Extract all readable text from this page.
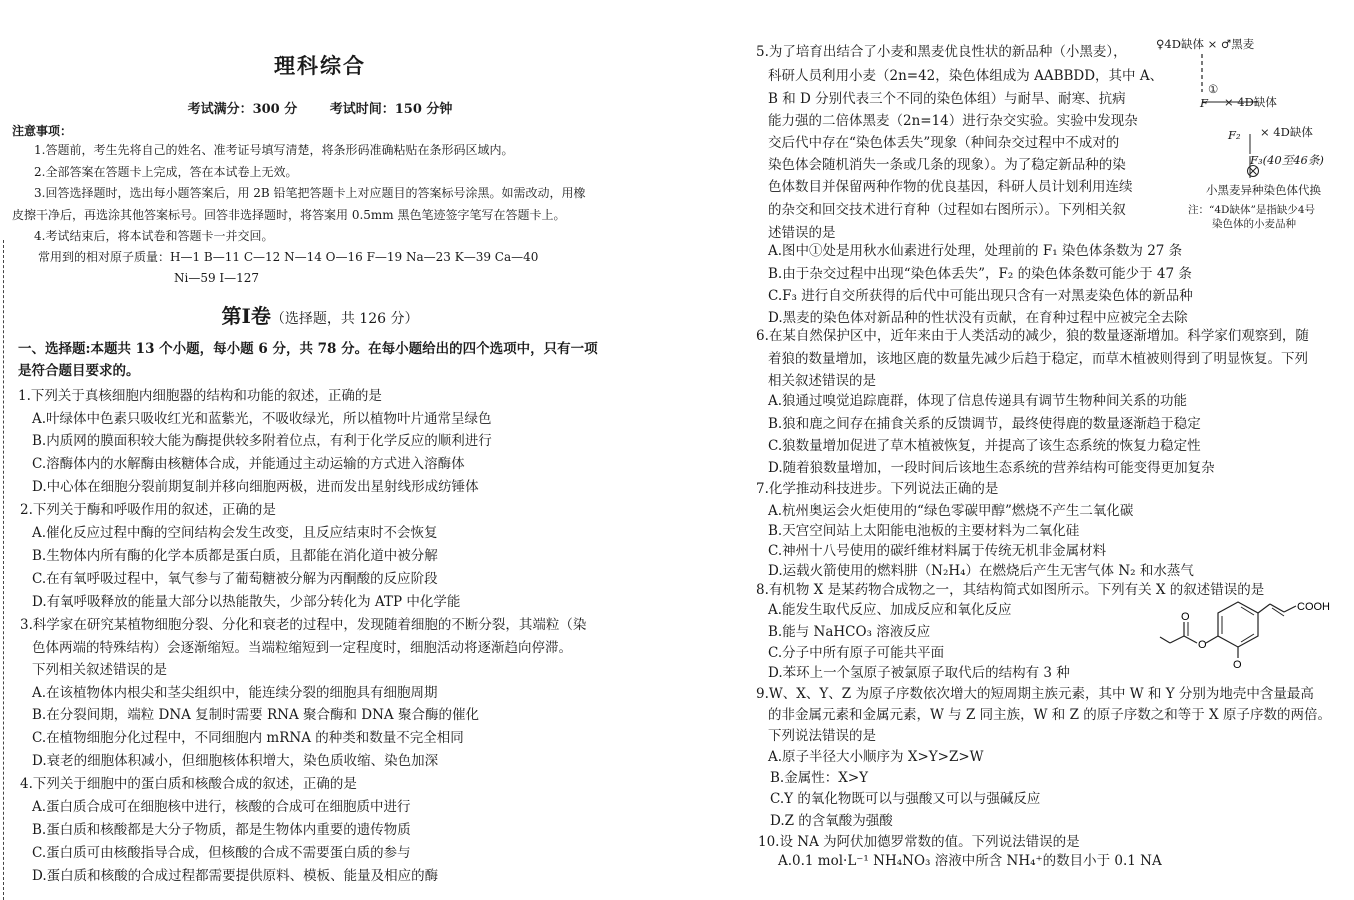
理科综合
考试满分：300 分	考试时间：150 分钟
注意事项：
1.答题前，考生先将自己的姓名、准考证号填写清楚，将条形码准确粘贴在条形码区域内。
2.全部答案在答题卡上完成，答在本试卷上无效。
3.回答选择题时，选出每小题答案后，用 2B 铅笔把答题卡上对应题目的答案标号涂黑。如需改动，用橡
皮擦干净后，再选涂其他答案标号。回答非选择题时，将答案用 0.5mm 黑色笔迹签字笔写在答题卡上。
4.考试结束后，将本试卷和答题卡一并交回。
常用到的相对原子质量：H—1 B—11 C—12 N—14 O—16 F—19 Na—23 K—39 Ca—40
Ni—59 I—127
第Ⅰ卷（选择题，共 126 分）
一、选择题:本题共 13 个小题，每小题 6 分，共 78 分。在每小题给出的四个选项中，只有一项
是符合题目要求的。
1.下列关于真核细胞内细胞器的结构和功能的叙述，正确的是
A.叶绿体中色素只吸收红光和蓝紫光，不吸收绿光，所以植物叶片通常呈绿色
B.内质网的膜面积较大能为酶提供较多附着位点，有利于化学反应的顺利进行
C.溶酶体内的水解酶由核糖体合成，并能通过主动运输的方式进入溶酶体
D.中心体在细胞分裂前期复制并移向细胞两极，进而发出星射线形成纺锤体
2.下列关于酶和呼吸作用的叙述，正确的是
A.催化反应过程中酶的空间结构会发生改变，且反应结束时不会恢复
B.生物体内所有酶的化学本质都是蛋白质，且都能在消化道中被分解
C.在有氧呼吸过程中，氧气参与了葡萄糖被分解为丙酮酸的反应阶段
D.有氧呼吸释放的能量大部分以热能散失，少部分转化为 ATP 中化学能
3.科学家在研究某植物细胞分裂、分化和衰老的过程中，发现随着细胞的不断分裂，其端粒（染
色体两端的特殊结构）会逐渐缩短。当端粒缩短到一定程度时，细胞活动将逐渐趋向停滞。
下列相关叙述错误的是
A.在该植物体内根尖和茎尖组织中，能连续分裂的细胞具有细胞周期
B.在分裂间期，端粒 DNA 复制时需要 RNA 聚合酶和 DNA 聚合酶的催化
C.在植物细胞分化过程中，不同细胞内 mRNA 的种类和数量不完全相同
D.衰老的细胞体积减小，但细胞核体积增大，染色质收缩、染色加深
4.下列关于细胞中的蛋白质和核酸合成的叙述，正确的是
A.蛋白质合成可在细胞核中进行，核酸的合成可在细胞质中进行
B.蛋白质和核酸都是大分子物质，都是生物体内重要的遗传物质
C.蛋白质可由核酸指导合成，但核酸的合成不需要蛋白质的参与
D.蛋白质和核酸的合成过程都需要提供原料、模板、能量及相应的酶
5.为了培育出结合了小麦和黑麦优良性状的新品种（小黑麦），
科研人员利用小麦（2n=42，染色体组成为 AABBDD，其中 A、
B 和 D 分别代表三个不同的染色体组）与耐旱、耐寒、抗病
能力强的二倍体黑麦（2n=14）进行杂交实验。实验中发现杂
交后代中存在“染色体丢失”现象（种间杂交过程中不成对的
染色体会随机消失一条或几条的现象）。为了稳定新品种的染
色体数目并保留两种作物的优良基因，科研人员计划利用连续
的杂交和回交技术进行育种（过程如右图所示）。下列相关叙
述错误的是
A.图中①处是用秋水仙素进行处理，处理前的 F₁ 染色体条数为 27 条
B.由于杂交过程中出现“染色体丢失”，F₂ 的染色体条数可能少于 47 条
C.F₃ 进行自交所获得的后代中可能出现只含有一对黑麦染色体的新品种
D.黑麦的染色体对新品种的性状没有贡献，在育种过程中应被完全去除
6.在某自然保护区中，近年来由于人类活动的减少，狼的数量逐渐增加。科学家们观察到，随
着狼的数量增加，该地区鹿的数量先减少后趋于稳定，而草木植被则得到了明显恢复。下列
相关叙述错误的是
A.狼通过嗅觉追踪鹿群，体现了信息传递具有调节生物种间关系的功能
B.狼和鹿之间存在捕食关系的反馈调节，最终使得鹿的数量逐渐趋于稳定
C.狼数量增加促进了草木植被恢复，并提高了该生态系统的恢复力稳定性
D.随着狼数量增加，一段时间后该地生态系统的营养结构可能变得更加复杂
7.化学推动科技进步。下列说法正确的是
A.杭州奥运会火炬使用的“绿色零碳甲醇”燃烧不产生二氧化碳
B.天宫空间站上太阳能电池板的主要材料为二氧化硅
C.神州十八号使用的碳纤维材料属于传统无机非金属材料
D.运载火箭使用的燃料肼（N₂H₄）在燃烧后产生无害气体 N₂ 和水蒸气
8.有机物 X 是某药物合成物之一，其结构简式如图所示。下列有关 X 的叙述错误的是
A.能发生取代反应、加成反应和氧化反应
B.能与 NaHCO₃ 溶液反应
C.分子中所有原子可能共平面
D.苯环上一个氢原子被氯原子取代后的结构有 3 种
9.W、X、Y、Z 为原子序数依次增大的短周期主族元素，其中 W 和 Y 分别为地壳中含量最高
的非金属元素和金属元素，W 与 Z 同主族，W 和 Z 的原子序数之和等于 X 原子序数的两倍。
下列说法错误的是
A.原子半径大小顺序为 X>Y>Z>W
B.金属性：X>Y
C.Y 的氧化物既可以与强酸又可以与强碱反应
D.Z 的含氧酸为强酸
10.设 NA 为阿伏加德罗常数的值。下列说法错误的是
A.0.1 mol·L⁻¹ NH₄NO₃ 溶液中所含 NH₄⁺的数目小于 0.1 NA
♀4D缺体 × ♂黑麦
①
F × 4D缺体
F₂ × 4D缺体
F₃(40至46条)
小黑麦异种染色体代换
注：“4D缺体”是指缺少4号
染色体的小麦品种
COOH
O
O
O
